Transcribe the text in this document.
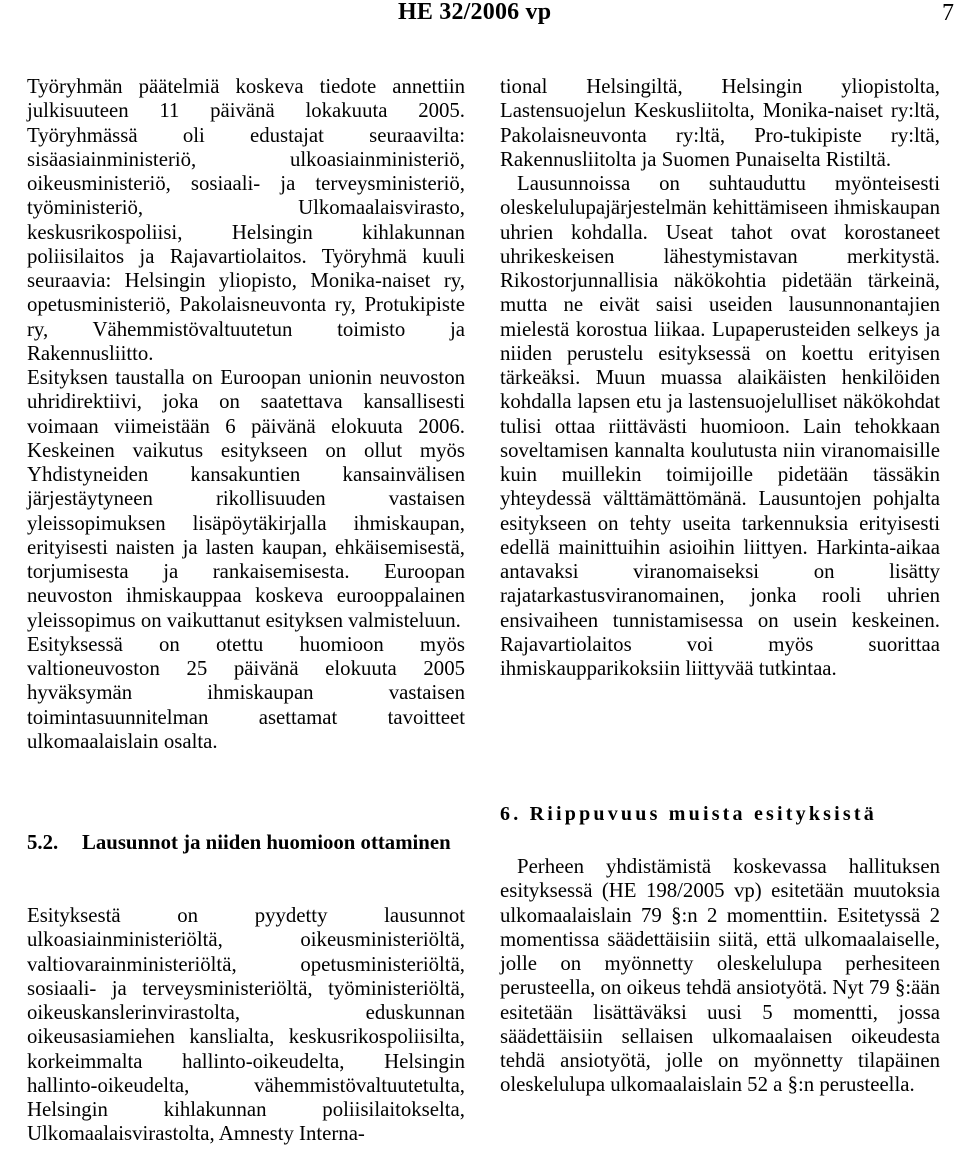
HE 32/2006 vp	7

Työryhmän päätelmiä koskeva tiedote annettiin julkisuuteen 11 päivänä lokakuuta 2005. Työryhmässä oli edustajat seuraavilta: sisäasiainministeriö, ulkoasiainministeriö, oikeusministeriö, sosiaali- ja terveysministeriö, työministeriö, Ulkomaalaisvirasto, keskusrikospoliisi, Helsingin kihlakunnan poliisilaitos ja Rajavartiolaitos. Työryhmä kuuli seuraavia: Helsingin yliopisto, Monika-naiset ry, opetusministeriö, Pakolaisneuvonta ry, Protukipiste ry, Vähemmistövaltuutetun toimisto ja Rakennusliitto.

Esityksen taustalla on Euroopan unionin neuvoston uhridirektiivi, joka on saatettava kansallisesti voimaan viimeistään 6 päivänä elokuuta 2006. Keskeinen vaikutus esitykseen on ollut myös Yhdistyneiden kansakuntien kansainvälisen järjestäytyneen rikollisuuden vastaisen yleissopimuksen lisäpöytäkirjalla ihmiskaupan, erityisesti naisten ja lasten kaupan, ehkäisemisestä, torjumisesta ja rankaisemisesta. Euroopan neuvoston ihmiskauppaa koskeva eurooppalainen yleissopimus on vaikuttanut esityksen valmisteluun.

Esityksessä on otettu huomioon myös valtioneuvoston 25 päivänä elokuuta 2005 hyväksymän ihmiskaupan vastaisen toimintasuunnitelman asettamat tavoitteet ulkomaalaislain osalta.

5.2. Lausunnot ja niiden huomioon ottaminen

Esityksestä on pyydetty lausunnot ulkoasiainministeriöltä, oikeusministeriöltä, valtiovarainministeriöltä, opetusministeriöltä, sosiaali- ja terveysministeriöltä, työministeriöltä, oikeuskanslerinvirastolta, eduskunnan oikeusasiamiehen kanslialta, keskusrikospoliisilta, korkeimmalta hallinto-oikeudelta, Helsingin hallinto-oikeudelta, vähemmistövaltuutetulta, Helsingin kihlakunnan poliisilaitokselta, Ulkomaalaisvirastolta, Amnesty Interna-

tional Helsingiltä, Helsingin yliopistolta, Lastensuojelun Keskusliitolta, Monika-naiset ry:ltä, Pakolaisneuvonta ry:ltä, Pro-tukipiste ry:ltä, Rakennusliitolta ja Suomen Punaiselta Ristiltä.

Lausunnoissa on suhtauduttu myönteisesti oleskelulupajärjestelmän kehittämiseen ihmiskaupan uhrien kohdalla. Useat tahot ovat korostaneet uhrikeskeisen lähestymistavan merkitystä. Rikostorjunnallisia näkökohtia pidetään tärkeinä, mutta ne eivät saisi useiden lausunnonantajien mielestä korostua liikaa. Lupaperusteiden selkeys ja niiden perustelu esityksessä on koettu erityisen tärkeäksi. Muun muassa alaikäisten henkilöiden kohdalla lapsen etu ja lastensuojelulliset näkökohdat tulisi ottaa riittävästi huomioon. Lain tehokkaan soveltamisen kannalta koulutusta niin viranomaisille kuin muillekin toimijoille pidetään tässäkin yhteydessä välttämättömänä. Lausuntojen pohjalta esitykseen on tehty useita tarkennuksia erityisesti edellä mainittuihin asioihin liittyen. Harkinta-aikaa antavaksi viranomaiseksi on lisätty rajatarkastusviranomainen, jonka rooli uhrien ensivaiheen tunnistamisessa on usein keskeinen. Rajavartiolaitos voi myös suorittaa ihmiskaupparikoksiin liittyvää tutkintaa.

6. Riippuvuus muista esityksistä

Perheen yhdistämistä koskevassa hallituksen esityksessä (HE 198/2005 vp) esitetään muutoksia ulkomaalaislain 79 §:n 2 momenttiin. Esitetyssä 2 momentissa säädettäisiin siitä, että ulkomaalaiselle, jolle on myönnetty oleskelulupa perhesiteen perusteella, on oikeus tehdä ansiotyötä. Nyt 79 §:ään esitetään lisättäväksi uusi 5 momentti, jossa säädettäisiin sellaisen ulkomaalaisen oikeudesta tehdä ansiotyötä, jolle on myönnetty tilapäinen oleskelulupa ulkomaalaislain 52 a §:n perusteella.
